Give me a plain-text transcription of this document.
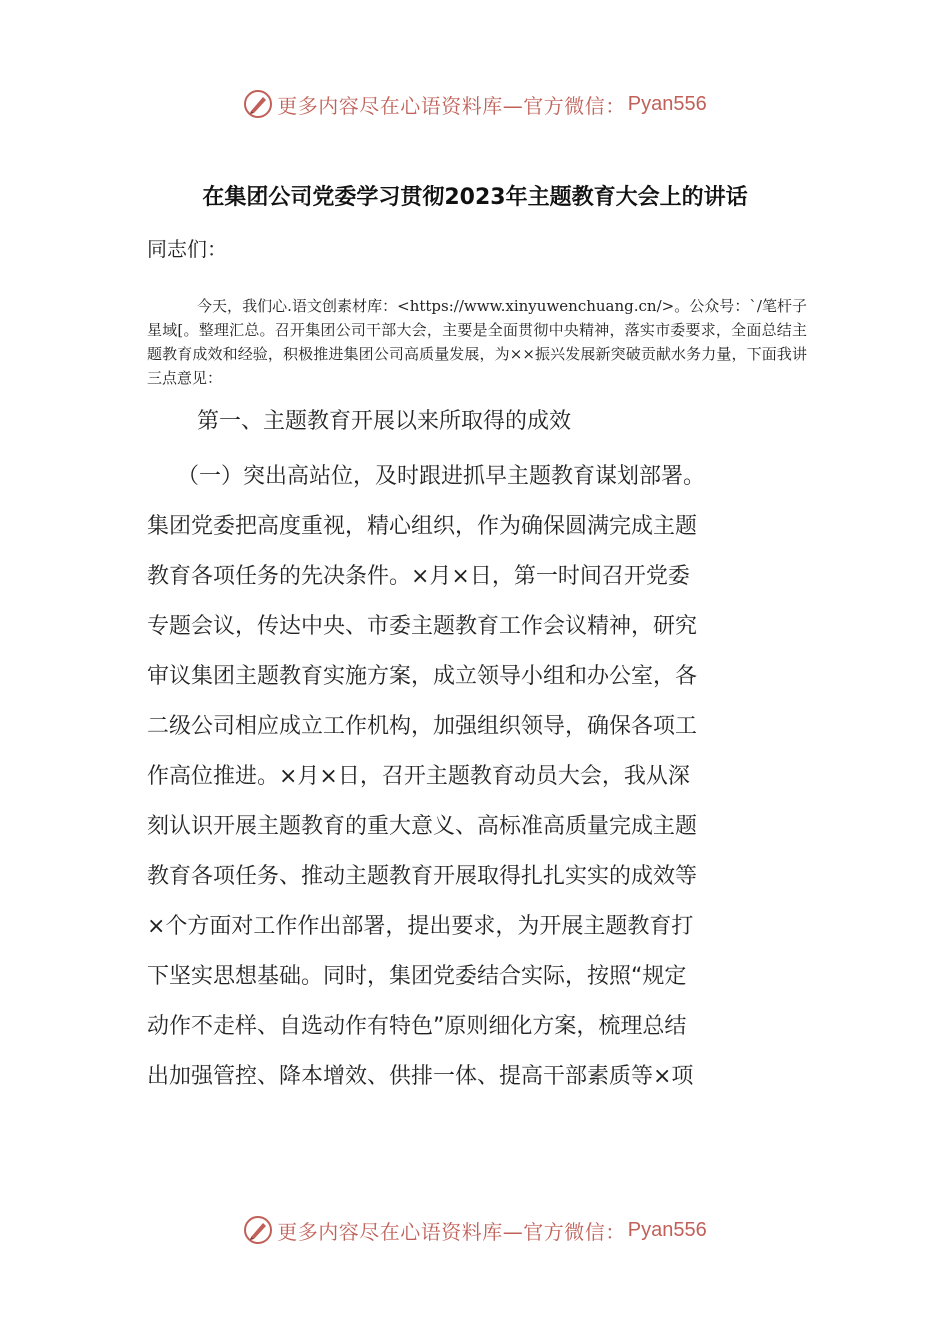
更多内容尽在心语资料库—官方微信： Pyan556
在集团公司党委学习贯彻2023年主题教育大会上的讲话
同志们：
今天，我们心.语文创素材库：<https://www.xinyuwenchuang.cn/>。公众号：`/笔杆子星域[。整理汇总。召开集团公司干部大会，主要是全面贯彻中央精神，落实市委要求，全面总结主题教育成效和经验，积极推进集团公司高质量发展，为××振兴发展新突破贡献水务力量，下面我讲三点意见：
第一、主题教育开展以来所取得的成效
（一）突出高站位，及时跟进抓早主题教育谋划部署。
集团党委把高度重视，精心组织，作为确保圆满完成主题
教育各项任务的先决条件。×月×日，第一时间召开党委
专题会议，传达中央、市委主题教育工作会议精神，研究
审议集团主题教育实施方案，成立领导小组和办公室，各
二级公司相应成立工作机构，加强组织领导，确保各项工
作高位推进。×月×日，召开主题教育动员大会，我从深
刻认识开展主题教育的重大意义、高标准高质量完成主题
教育各项任务、推动主题教育开展取得扎扎实实的成效等
×个方面对工作作出部署，提出要求，为开展主题教育打
下坚实思想基础。同时，集团党委结合实际，按照“规定
动作不走样、自选动作有特色”原则细化方案，梳理总结
出加强管控、降本增效、供排一体、提高干部素质等×项
更多内容尽在心语资料库—官方微信： Pyan556
